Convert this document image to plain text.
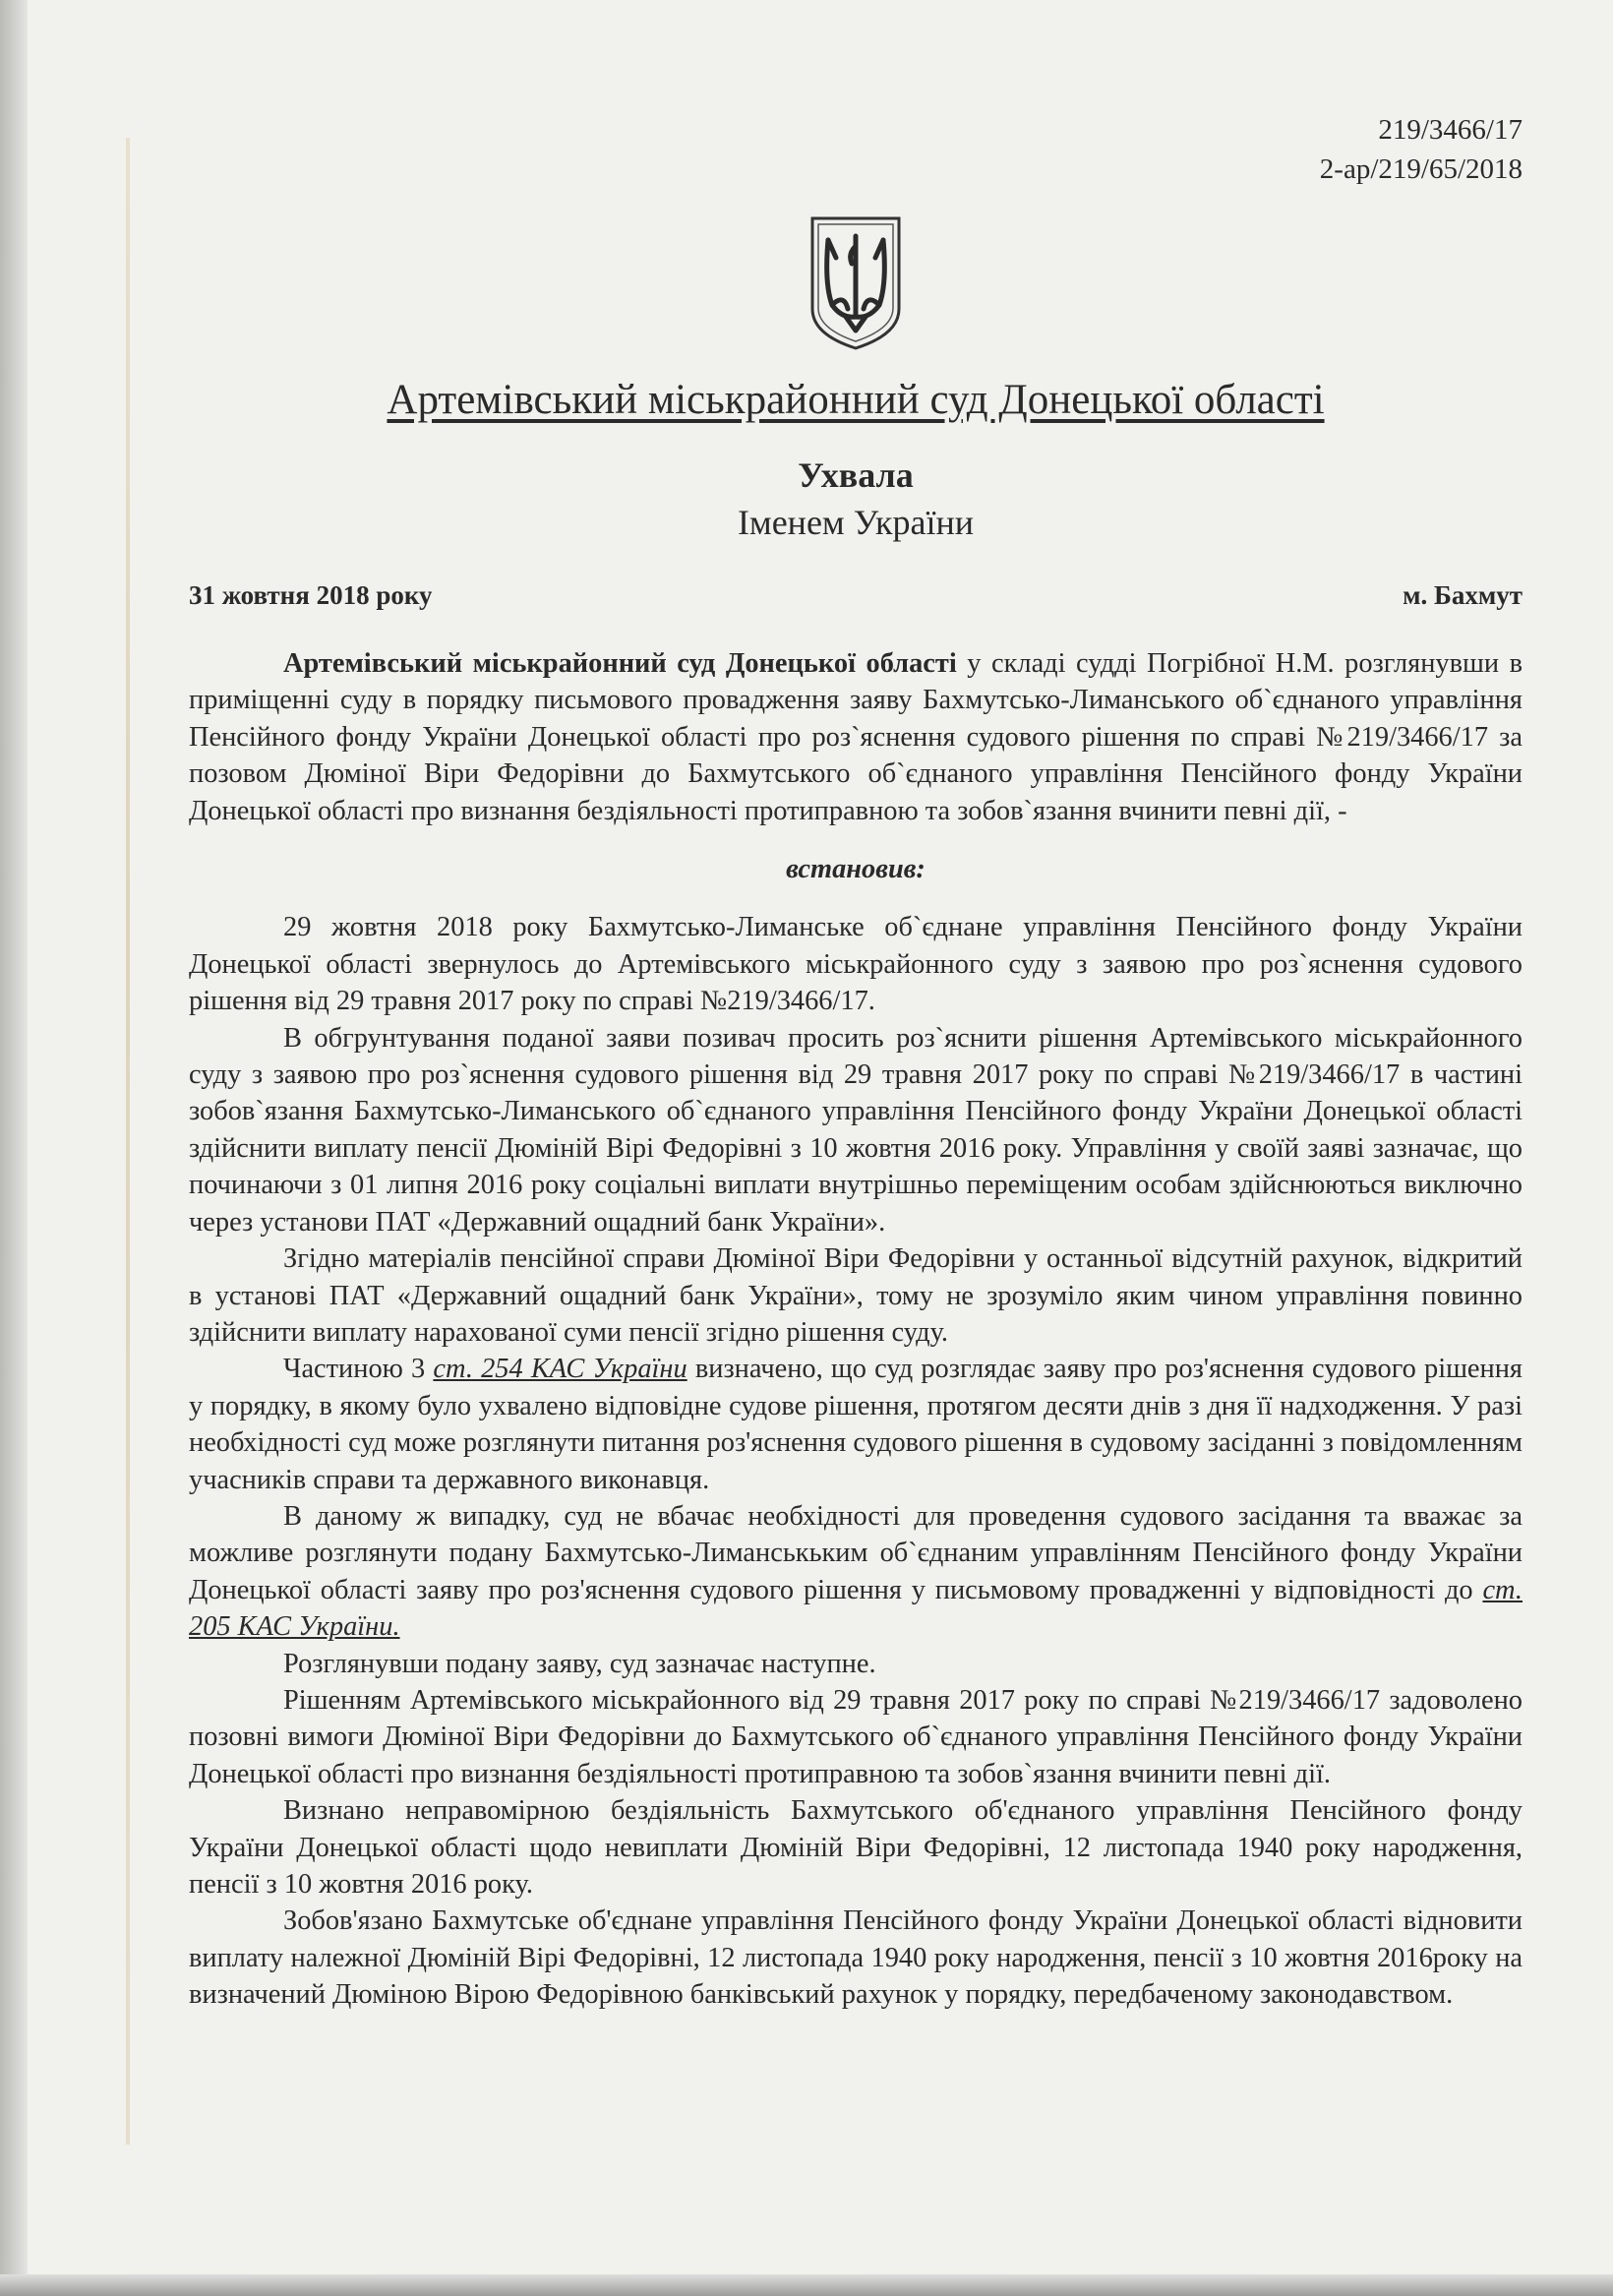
219/3466/17
2-ар/219/65/2018
Артемівський міськрайонний суд Донецької області
Ухвала
Іменем України
31 жовтня 2018 року	м. Бахмут

Артемівський міськрайонний суд Донецької області у складі судді Погрібної Н.М. розглянувши в приміщенні суду в порядку письмового провадження заяву Бахмутсько-Лиманського об`єднаного управління Пенсійного фонду України Донецької області про роз`яснення судового рішення по справі №219/3466/17 за позовом Дюміної Віри Федорівни до Бахмутського об`єднаного управління Пенсійного фонду України Донецької області про визнання бездіяльності протиправною та зобов`язання вчинити певні дії, -

встановив:

29 жовтня 2018 року Бахмутсько-Лиманське об`єднане управління Пенсійного фонду України Донецької області звернулось до Артемівського міськрайонного суду з заявою про роз`яснення судового рішення від 29 травня 2017 року по справі №219/3466/17.

В обгрунтування поданої заяви позивач просить роз`яснити рішення Артемівського міськрайонного суду з заявою про роз`яснення судового рішення від 29 травня 2017 року по справі №219/3466/17 в частині зобов`язання Бахмутсько-Лиманського об`єднаного управління Пенсійного фонду України Донецької області здійснити виплату пенсії Дюміній Вірі Федорівні з 10 жовтня 2016 року. Управління у своїй заяві зазначає, що починаючи з 01 липня 2016 року соціальні виплати внутрішньо переміщеним особам здійснюються виключно через установи ПАТ «Державний ощадний банк України».

Згідно матеріалів пенсійної справи Дюміної Віри Федорівни у останньої відсутній рахунок, відкритий в установі ПАТ «Державний ощадний банк України», тому не зрозуміло яким чином управління повинно здійснити виплату нарахованої суми пенсії згідно рішення суду.

Частиною 3 ст. 254 КАС України визначено, що суд розглядає заяву про роз'яснення судового рішення у порядку, в якому було ухвалено відповідне судове рішення, протягом десяти днів з дня її надходження. У разі необхідності суд може розглянути питання роз'яснення судового рішення в судовому засіданні з повідомленням учасників справи та державного виконавця.

В даному ж випадку, суд не вбачає необхідності для проведення судового засідання та вважає за можливе розглянути подану Бахмутсько-Лиманськьким об`єднаним управлінням Пенсійного фонду України Донецької області заяву про роз'яснення судового рішення у письмовому провадженні у відповідності до ст. 205 КАС України.

Розглянувши подану заяву, суд зазначає наступне.

Рішенням Артемівського міськрайонного від 29 травня 2017 року по справі №219/3466/17 задоволено позовні вимоги Дюміної Віри Федорівни до Бахмутського об`єднаного управління Пенсійного фонду України Донецької області про визнання бездіяльності протиправною та зобов`язання вчинити певні дії.

Визнано неправомірною бездіяльність Бахмутського об'єднаного управління Пенсійного фонду України Донецької області щодо невиплати Дюміній Віри Федорівні, 12 листопада 1940 року народження, пенсії з 10 жовтня 2016 року.

Зобов'язано Бахмутське об'єднане управління Пенсійного фонду України Донецької області відновити виплату належної Дюміній Вірі Федорівні, 12 листопада 1940 року народження, пенсії з 10 жовтня 2016року на визначений Дюміною Вірою Федорівною банківський рахунок у порядку, передбаченому законодавством.
